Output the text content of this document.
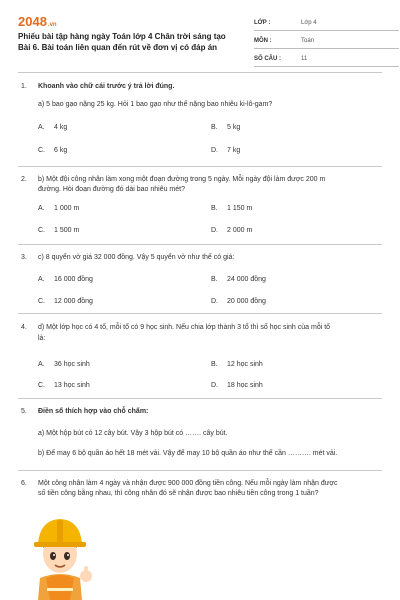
2048.vn
Phiếu bài tập hàng ngày Toán lớp 4 Chân trời sáng tạo Bài 6. Bài toán liên quan đến rút về đơn vị có đáp án
LỚP :	Lớp 4
MÔN :	Toán
SỐ CÂU :	11
1. Khoanh vào chữ cái trước ý trả lời đúng.
a) 5 bao gạo nặng 25 kg. Hỏi 1 bao gạo như thế nặng bao nhiêu ki-lô-gam?
A. 4 kg	B. 5 kg
C. 6 kg	D. 7 kg
2. b) Một đội công nhân làm xong một đoạn đường trong 5 ngày. Mỗi ngày đội làm được 200 m
đường. Hỏi đoạn đường đó dài bao nhiêu mét?
A. 1 000 m	B. 1 150 m
C. 1 500 m	D. 2 000 m
3. c) 8 quyển vở giá 32 000 đồng. Vậy 5 quyển vở như thế có giá:
A. 16 000 đồng	B. 24 000 đồng
C. 12 000 đồng	D. 20 000 đồng
4. d) Một lớp học có 4 tổ, mỗi tổ có 9 học sinh. Nếu chia lớp thành 3 tổ thì số học sinh của mỗi tổ
là:
A. 36 học sinh	B. 12 học sinh
C. 13 học sinh	D. 18 học sinh
5. Điền số thích hợp vào chỗ chấm:
a) Một hộp bút có 12 cây bút. Vậy 3 hộp bút có ……. cây bút.
b) Để may 6 bộ quần áo hết 18 mét vải. Vậy để may 10 bộ quần áo như thế cần ………. mét vải.
6. Một công nhân làm 4 ngày và nhận được 900 000 đồng tiền công. Nếu mỗi ngày làm nhận được
số tiền công bằng nhau, thì công nhân đó sẽ nhận được bao nhiêu tiền công trong 1 tuần?
